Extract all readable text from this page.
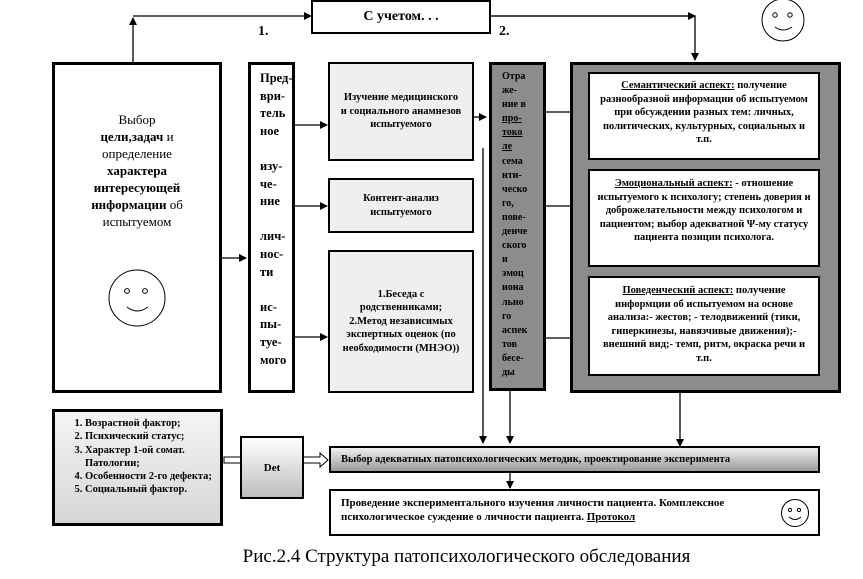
С учетом. . .
1.	2.
Выбор
цели,задач и
определение
характера интересующей информации об испытуемом
Пред-
ври-
тель
ное

изу-
че-
ние

лич-
нос-
ти

ис-
пы-
туе-
мого
Изучение медицинского и социального анамнезов испытуемого
Контент-анализ испытуемого
1.Беседа с родственниками; 2.Метод независимых экспертных оценок (по необходимости (МНЭО))
Отра
же-
ние в
про-
токо
ле
сема
нти-
ческо
го,
пове-
денче
ского
и
эмоц
иона
льно
го
аспек
тов
бесе-
ды
Семантический аспект: получение разнообразной информации об испытуемом при обсуждении разных тем: личных, политических, культурных, социальных и т.п.
Эмоциональный аспект: - отношение испытуемого к психологу; степень доверия и доброжелательности между психологом и пациентом; выбор адекватной Ψ-му статусу пациента позиции психолога.
Поведенческий аспект: получение информции об испытуемом на основе анализа:- жестов; - телодвижений (тики, гиперкинезы, навязчивые движения);- внешний вид;- темп, ритм, окраска речи и т.п.
1. Возрастной фактор;
2. Психический статус;
3. Характер 1-ой сомат. Патологии;
4. Особенности 2-го дефекта;
5. Социальный фактор.
Det
Выбор адекватных патопсихологических методик, проектирование эксперимента
Проведение экспериментального изучения личности пациента. Комплексное психологическое суждение о личности пациента. Протокол
Рис.2.4 Структура патопсихологического обследования
